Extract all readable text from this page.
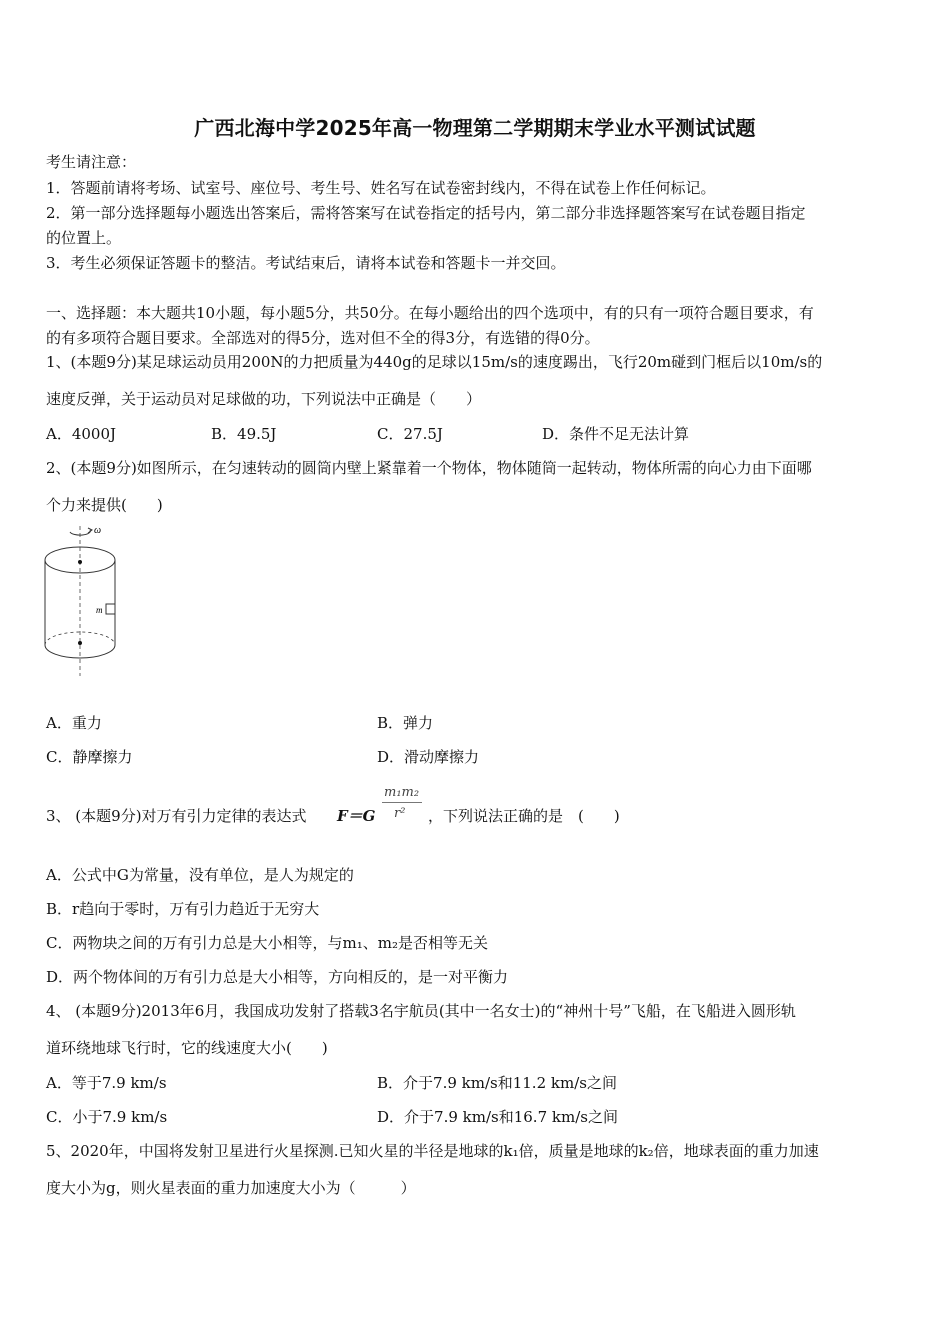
广西北海中学2025年高一物理第二学期期末学业水平测试试题
考生请注意：
1．答题前请将考场、试室号、座位号、考生号、姓名写在试卷密封线内，不得在试卷上作任何标记。
2．第一部分选择题每小题选出答案后，需将答案写在试卷指定的括号内，第二部分非选择题答案写在试卷题目指定
的位置上。
3．考生必须保证答题卡的整洁。考试结束后，请将本试卷和答题卡一并交回。
一、选择题：本大题共10小题，每小题5分，共50分。在每小题给出的四个选项中，有的只有一项符合题目要求，有
的有多项符合题目要求。全部选对的得5分，选对但不全的得3分，有选错的得0分。
1、(本题9分)某足球运动员用200N的力把质量为440g的足球以15m/s的速度踢出，飞行20m碰到门框后以10m/s的
速度反弹，关于运动员对足球做的功，下列说法中正确是（　　）
A．4000J	B．49.5J	C．27.5J	D．条件不足无法计算
2、(本题9分)如图所示，在匀速转动的圆筒内壁上紧靠着一个物体，物体随筒一起转动，物体所需的向心力由下面哪
个力来提供(　　)
ω
m
A．重力	B．弹力
C．静摩擦力	D．滑动摩擦力
3、 (本题9分)对万有引力定律的表达式 F＝G
m₁m₂
r² ，下列说法正确的是　(　　)
A．公式中G为常量，没有单位，是人为规定的
B．r趋向于零时，万有引力趋近于无穷大
C．两物块之间的万有引力总是大小相等，与m₁、m₂是否相等无关
D．两个物体间的万有引力总是大小相等，方向相反的，是一对平衡力
4、 (本题9分)2013年6月，我国成功发射了搭载3名宇航员(其中一名女士)的“神州十号”飞船，在飞船进入圆形轨
道环绕地球飞行时，它的线速度大小(　　)
A．等于7.9 km/s	B．介于7.9 km/s和11.2 km/s之间
C．小于7.9 km/s	D．介于7.9 km/s和16.7 km/s之间
5、2020年，中国将发射卫星进行火星探测.已知火星的半径是地球的k₁倍，质量是地球的k₂倍，地球表面的重力加速
度大小为g，则火星表面的重力加速度大小为（　　　）
